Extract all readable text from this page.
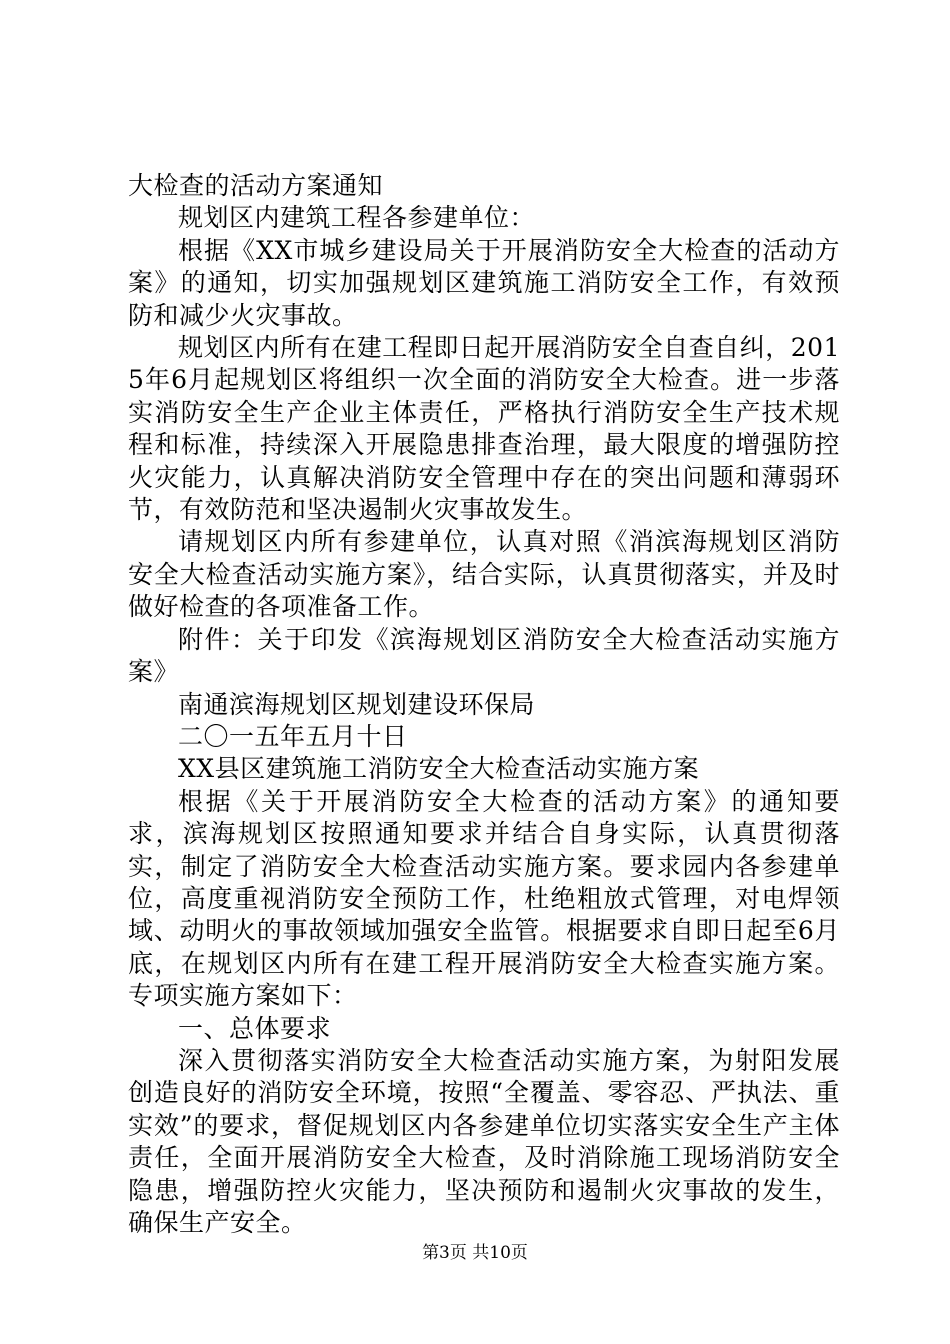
大检查的活动方案通知

规划区内建筑工程各参建单位：

根据《XX市城乡建设局关于开展消防安全大检查的活动方案》的通知，切实加强规划区建筑施工消防安全工作，有效预防和减少火灾事故。

规划区内所有在建工程即日起开展消防安全自查自纠，2015年6月起规划区将组织一次全面的消防安全大检查。进一步落实消防安全生产企业主体责任，严格执行消防安全生产技术规程和标准，持续深入开展隐患排查治理，最大限度的增强防控火灾能力，认真解决消防安全管理中存在的突出问题和薄弱环节，有效防范和坚决遏制火灾事故发生。

请规划区内所有参建单位，认真对照《消滨海规划区消防安全大检查活动实施方案》，结合实际，认真贯彻落实，并及时做好检查的各项准备工作。

附件：关于印发《滨海规划区消防安全大检查活动实施方案》

南通滨海规划区规划建设环保局

二〇一五年五月十日

XX县区建筑施工消防安全大检查活动实施方案

根据《关于开展消防安全大检查的活动方案》的通知要求，滨海规划区按照通知要求并结合自身实际，认真贯彻落实，制定了消防安全大检查活动实施方案。要求园内各参建单位，高度重视消防安全预防工作，杜绝粗放式管理，对电焊领域、动明火的事故领域加强安全监管。根据要求自即日起至6月底，在规划区内所有在建工程开展消防安全大检查实施方案。专项实施方案如下：

一、总体要求

深入贯彻落实消防安全大检查活动实施方案，为射阳发展创造良好的消防安全环境，按照“全覆盖、零容忍、严执法、重实效”的要求，督促规划区内各参建单位切实落实安全生产主体责任，全面开展消防安全大检查，及时消除施工现场消防安全隐患，增强防控火灾能力，坚决预防和遏制火灾事故的发生，确保生产安全。

第3页 共10页
